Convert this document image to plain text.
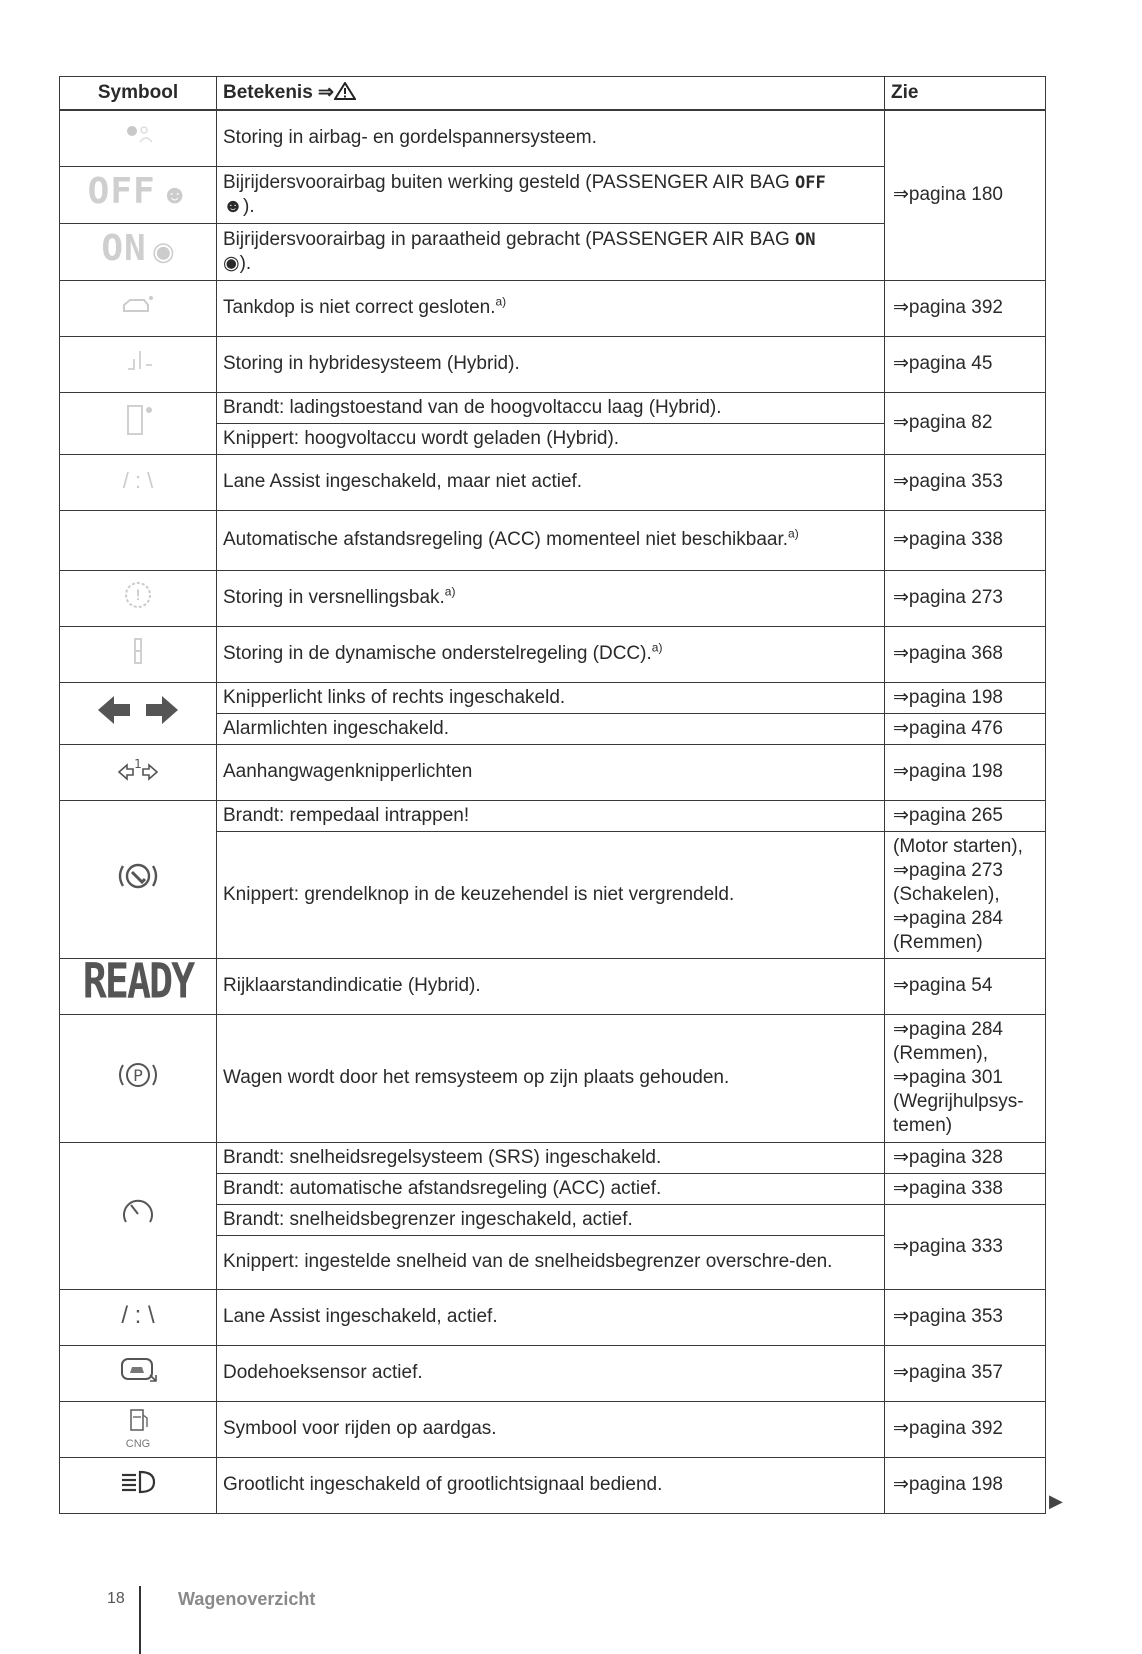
Symbool	Betekenis ⇒	Zie
	Storing in airbag- en gordelspannersysteem.	⇒pagina 180
OFF ☻	Bijrijdersvoorairbag buiten werking gesteld (PASSENGER AIR BAG OFF
☻).	
ON ◉	Bijrijdersvoorairbag in paraatheid gebracht (PASSENGER AIR BAG ON
◉).	
	Tankdop is niet correct gesloten.$^{a)}$	⇒pagina 392
	Storing in hybridesysteem (Hybrid).	⇒pagina 45
	Brandt: ladingstoestand van de hoogvoltaccu laag (Hybrid).	⇒pagina 82
	Knippert: hoogvoltaccu wordt geladen (Hybrid).	
/ : \	Lane Assist ingeschakeld, maar niet actief.	⇒pagina 353
	Automatische afstandsregeling (ACC) momenteel niet beschikbaar.$^{a)}$	⇒pagina 338

!	Storing in versnellingsbak.$^{a)}$	⇒pagina 273
	Storing in de dynamische onderstelregeling (DCC).$^{a)}$	⇒pagina 368
	Knipperlicht links of rechts ingeschakeld.	⇒pagina 198
	Alarmlichten ingeschakeld.	⇒pagina 476

1	Aanhangwagenknipperlichten	⇒pagina 198
	Brandt: rempedaal intrappen!	⇒pagina 265
	Knippert: grendelknop in de keuzehendel is niet vergrendeld.	(Motor starten),
⇒pagina 273
(Schakelen),
⇒pagina 284
(Remmen)

READY	Rijklaarstandindicatie (Hybrid).	⇒pagina 54

P	Wagen wordt door het remsysteem op zijn plaats gehouden.	⇒pagina 284
(Remmen),
⇒pagina 301
(Wegrijhulpsys-
temen)

	Brandt: snelheidsregelsysteem (SRS) ingeschakeld.	⇒pagina 328
	Brandt: automatische afstandsregeling (ACC) actief.	⇒pagina 338
	Brandt: snelheidsbegrenzer ingeschakeld, actief.	⇒pagina 333
	Knippert: ingestelde snelheid van de snelheidsbegrenzer overschre-den.	
/ : \	Lane Assist ingeschakeld, actief.	⇒pagina 353
	Dodehoeksensor actief.	⇒pagina 357

CNG	Symbool voor rijden op aardgas.	⇒pagina 392
	Grootlicht ingeschakeld of grootlichtsignaal bediend.	⇒pagina 198
▶
18	Wagenoverzicht
